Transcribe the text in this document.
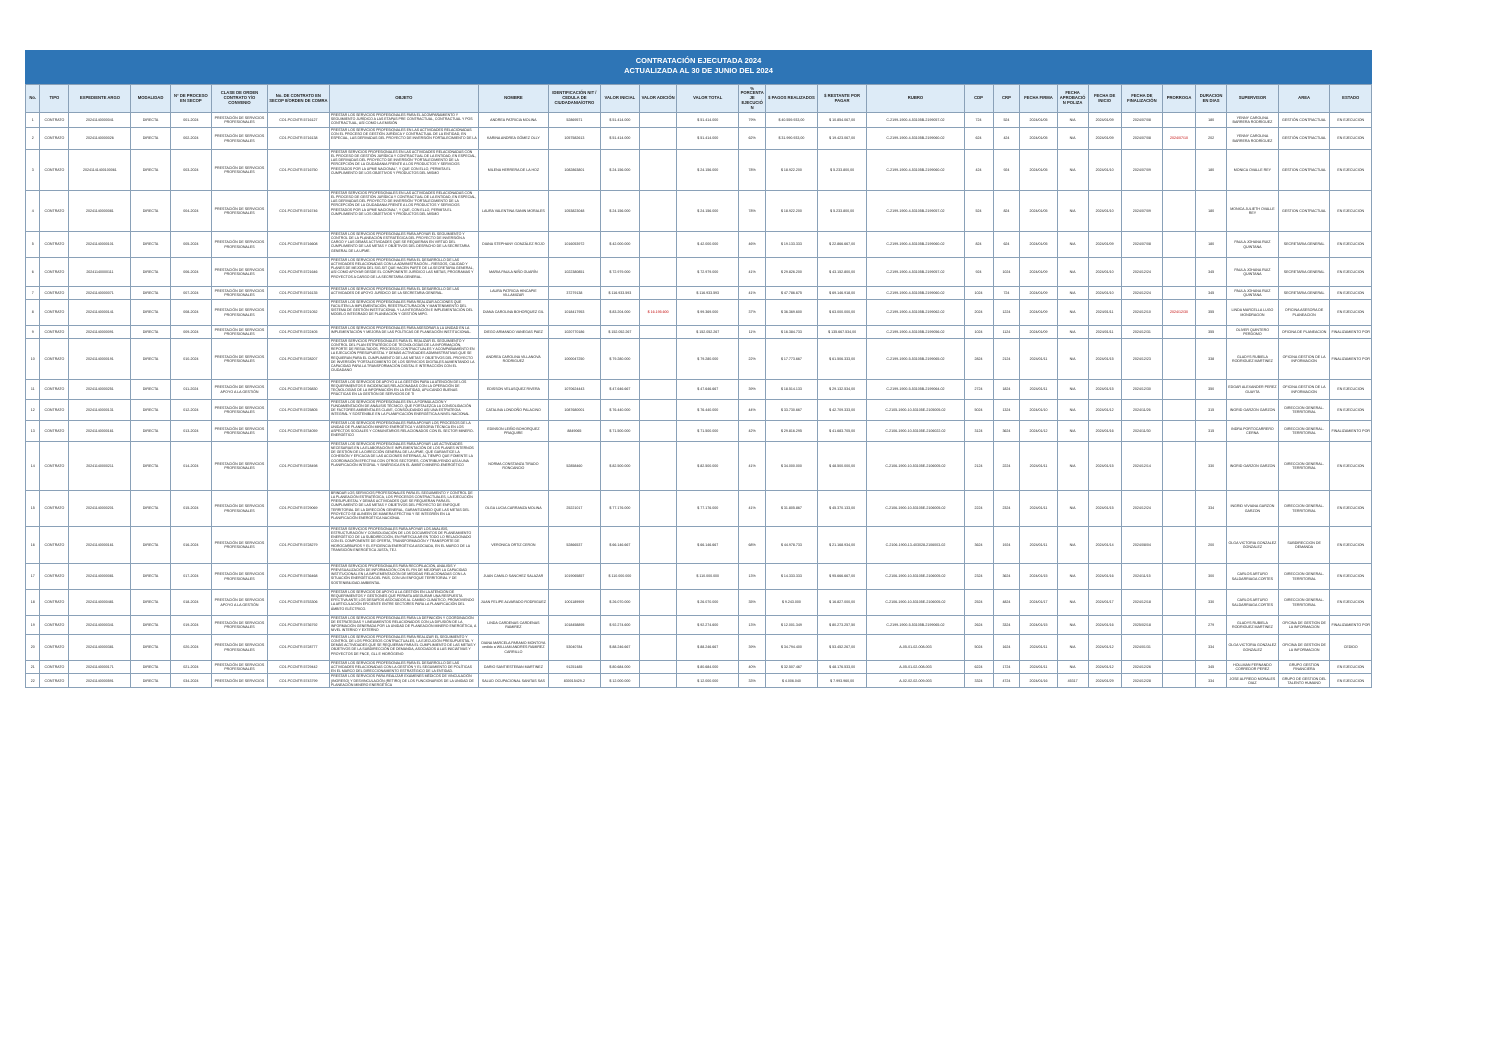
CONTRATACIÓN EJECUTADA 2024
ACTUALIZADA AL 30 DE JUNIO DEL 2024
No.	TIPO	EXPEDIENTE ARGO	MODALIDAD	N° DE PROCESO EN SECOP	CLASE DE ORDEN CONTRATO Y/O CONVENIO	No. DE CONTRATO EN SECOP II/ORDEN DE COMRA	OBJETO	NOMBRE	IDENTIFICACIÓN NIT / CEDULA DE CIUDADANIA/OTRO	VALOR INICIAL	VALOR ADICIÓN	VALOR TOTAL	% PORCENTAJE EJECUCIÓN	$ PAGOS REALIZADOS	$ RESTANTE POR PAGAR	RUBRO	CDP	CRP	FECHA FIRMA	FECHA APROBACIÓN POLIZA	FECHA DE INICIO	FECHA DE FINALIZACIÓN	PRORROGA	DURACION EN DIAS	SUPERVISOR	AREA	ESTADO
1	CONTRATO	20241140000041	DIRECTA	001-2024	PRESTACIÓN DE SERVICIOS PROFESIONALES	CO1.PCCNTR.5716127	PRESTAR LOS SERVICIOS PROFESIONALES PARA EL ACOMPAÑAMIENTO Y SEGUIMIENTO JURÍDICO A LAS ETAPAS PRE CONTRACTUAL, CONTRACTUAL Y POS CONTRACTUAL, ASÍ COMO LA EMISIÓN	ANDREA PATRICIA MOLINA	52869571	$ 51.414.000		$ 51.414.000	79%	$ 40.559.933,00	$ 10.854.067,00	C-2199-1900-4-53105B-2199057-02	724	524	2024/01/05	N/A	2024/01/09	2024/07/08		180	YENNY CAROLINA BARRERA RODRÍGUEZ	GESTIÓN CONTRACTUAL	EN EJECUCION
2	CONTRATO	20241140000026	DIRECTA	002-2024	PRESTACIÓN DE SERVICIOS PROFESIONALES	CO1.PCCNTR.5716138	PRESTAR LOS SERVICIOS PROFESIONALES EN LAS ACTIVIDADES RELACIONADAS CON EL PROCESO DE GESTIÓN JURÍDICA Y CONTRACTUAL DE LA ENTIDAD, EN ESPECIAL, LAS DERIVADAS DEL PROYECTO DE INVERSIÓN FORTALECIMIENTO DE LA	KARINA ANDREA GÓMEZ OLLY	1057582613	$ 51.414.000		$ 51.414.000	62%	$ 31.990.933,00	$ 19.423.067,00	C-2199-1900-4-53105B-2199060-02	624	424	2024/01/05	N/A	2024/01/09	2024/07/08	2024/07/10	202	YENNY CAROLINA BARRERA RODRÍGUEZ	GESTIÓN CONTRACTUAL	EN EJECUCION
3	CONTRATO	20241141400100061	DIRECTA	003-2024	PRESTACIÓN DE SERVICIOS PROFESIONALES	CO1.PCCNTR.5716750	PRESTAR SERVICIOS PROFESIONALES EN LAS ACTIVIDADES RELACIONADAS CON EL PROCESO DE GESTIÓN JURÍDICA Y CONTRACTUAL DE LA ENTIDAD, EN ESPECIAL, LAS DERIVADAS DEL PROYECTO DE INVERSIÓN "FORTALECIMIENTO DE LA PERCEPCIÓN DE LA CIUDADANIA FRENTE A LOS PRODUCTOS Y SERVICIOS PRESTADOS POR LA UPME NACIONAL", Y QUE CON ELLO, PERMITA EL CUMPLIMIENTO DE LOS OBJETIVOS Y PRODUCTOS DEL MISMO	MILENA HERRERA DE LA HOZ	1082863801	$ 24.156.000		$ 24.156.000	78%	$ 18.922.200	$ 5.233.800,00	C-2199-1900-4-53105B-2199060-02	424	924	2024/01/05	N/A	2024/01/10	2024/07/09		180	MONICA OVALLE REY	GESTION CONTRACTUAL	EN EJECUCION
4	CONTRATO	20241140000081	DIRECTA	004-2024	PRESTACIÓN DE SERVICIOS PROFESIONALES	CO1.PCCNTR.5716746	PRESTAR SERVICIOS PROFESIONALES EN LAS ACTIVIDADES RELACIONADAS CON EL PROCESO DE GESTIÓN JURÍDICA Y CONTRACTUAL DE LA ENTIDAD, EN ESPECIAL, LAS DERIVADAS DEL PROYECTO DE INVERSIÓN "FORTALECIMIENTO DE LA PERCEPCIÓN DE LA CIUDADANIA FRENTE A LOS PRODUCTOS Y SERVICIOS PRESTADOS POR LA UPME NACIONAL", Y QUE, CON ELLO, PERMITA EL CUMPLIMIENTO DE LOS OBJETIVOS Y PRODUCTOS DEL MISMO	LAURA VALENTINA SANIN MORALES	1053823048	$ 24.156.000		$ 24.156.000	78%	$ 18.922.200	$ 5.233.800,00	C-2199-1900-4-53105B-2199057-02	524	824	2024/01/05	N/A	2024/01/10	2024/07/09		180	MONICA JULIETH OVALLE REY	GESTION CONTRACTUAL	EN EJECUCION
5	CONTRATO	20241140000101	DIRECTA	005-2024	PRESTACIÓN DE SERVICIOS PROFESIONALES	CO1.PCCNTR.5716608	PRESTAR LOS SERVICIOS PROFESIONALES PARA APOYAR EL SEGUIMIENTO Y CONTROL DE LA PLANEACIÓN ESTRATÉGICA DEL PROYECTO DE INVERSIÓN A CARGO Y LAS DEMÁS ACTIVIDADES QUE SE REQUIERAN EN VIRTUD DEL CUMPLIMIENTO DE LAS METAS Y OBJETIVOS DEL DESPACHO DE LA SECRETARIA GENERAL DE LA UPME.	DIANA STEPHANY GONZÁLEZ ROJO	1016053972	$ 42.000.000		$ 42.000.000	46%	$ 19.133.333	$ 22.866.667,00	C-2199-1900-4-53105B-2199060-02	824	624	2024/01/05	N/A	2024/01/09	2024/07/08		180	PAULA JOHANA RUIZ QUINTANA	SECRETARIA GENERAL	EN EJECUCION
6	CONTRATO	20241140000111	DIRECTA	006-2024	PRESTACIÓN DE SERVICIOS PROFESIONALES	CO1.PCCNTR.5721646	PRESTAR LOS SERVICIOS PROFESIONALES PARA EL DESARROLLO DE LAS ACTIVIDADES RELACIONADAS CON LA ADMINISTRACIÓN – RIESGOS, CALIDAD Y PLANES DE MEJORA DEL SIG-SIT QUE HACEN PARTE DE LA SECRETARIA GENERAL, ASÍ COMO APOYAR DESDE EL COMPONENTE JURÍDICO LAS METAS, PROGRAMAS Y PROYECTOS A CARGO DE LA SECRETARIA GENERAL.	MARIA PAULA NIÑO GUARÍN	1022380851	$ 72.979.000		$ 72.979.000	41%	$ 29.826.200	$ 43.152.800,00	C-2199-1900-4-53105B-2199057-02	924	1024	2024/01/09	N/A	2024/01/10	2024/12/24		345	PAULA JOHANA RUIZ QUINTANA	SECRETARIA GENERAL	EN EJECUCION
7	CONTRATO	20241140000071	DIRECTA	007-2024	PRESTACIÓN DE SERVICIOS PROFESIONALES	CO1.PCCNTR.5716135	PRESTAR LOS SERVICIOS PROFESIONALES PARA EL DESARROLLO DE LAS ACTIVIDADES DE APOYO JURÍDICO DE LA SECRETARIA GENERAL.	LAURA PATRICIA HINCAPIE VILLAMIZAR	37279138	$ 116.933.593		$ 116.933.593	41%	$ 47.786.675	$ 69.146.918,00	C-2199-1900-4-53105B-2199060-02	1024	724	2024/01/09	N/A	2024/01/10	2024/12/24		345	PAULA JOHANA RUIZ QUINTANA	SECRETARIA GENERAL	EN EJECUCION
8	CONTRATO	20241140000141	DIRECTA	008-2024	PRESTACIÓN DE SERVICIOS PROFESIONALES	CO1.PCCNTR.5721052	PRESTAR LOS SERVICIOS PROFESIONALES PARA REALIZAR ACCIONES QUE FACILITEN LA IMPLEMENTACIÓN, REESTRUCTURACIÓN Y MANTENIMIENTO DEL SISTEMA DE GESTIÓN INSTITUCIONAL Y LA INTEGRACIÓN E IMPLEMENTACIÓN DEL MODELO INTEGRADO DE PLANEACIÓN Y GESTIÓN MIPG.	DIANA CAROLINA BOHORQUEZ GIL	1018417953	$ 83.204.000	$ 16.195.600	$ 99.369.000	37%	$ 36.369.600	$ 63.000.000,00	C-2199-1900-4-53105B-2199062-02	2024	1224	2024/01/09	N/A	2024/01/11	2024/12/10	2024/12/30	355	LINDA MARCELLA LUGO MONDRAGON	OFICINA ASESORA DE PLANEACION	EN EJECUCION
9	CONTRATO	20241140000091	DIRECTA	009-2024	PRESTACIÓN DE SERVICIOS PROFESIONALES	CO1.PCCNTR.5722405	PRESTAR LOS SERVICIOS PROFESIONALES PARA ASESORAR A LA UNIDAD EN LA IMPLEMENTACIÓN Y MEJORA DE LAS POLÍTICAS DE PLANEACIÓN INSTITUCIONAL.	DIEGO ARMANDO VANEGAS PAEZ	1020770186	$ 152.052.267		$ 152.052.267	11%	$ 16.384.733	$ 135.667.534,00	C-2199-1900-4-53105B-2199056-02	1024	1124	2024/01/09	N/A	2024/01/11	2024/12/31		355	OLIVER QUINTERO PERDOMO	OFICINA DE PLANEACION	FINALIZAMIENTO POR
10	CONTRATO	20241140000191	DIRECTA	010-2024	PRESTACIÓN DE SERVICIOS PROFESIONALES	CO1.PCCNTR.5728207	PRESTAR SERVICIOS PROFESIONALES PARA EL REALIZAR EL SEGUIMIENTO Y CONTROL DEL PLAN ESTRATÉGICO DE TECNOLOGÍAS DE LA INFORMACIÓN, REPORTE DE RESULTADOS, PROCESOS CONTRACTUALES Y ACOMPAÑAMIENTO EN LA EJECUCIÓN PRESUPUESTAL Y DEMÁS ACTIVIDADES ADMINISTRATIVAS QUE SE REQUIERAN PARA EL CUMPLIMIENTO DE LAS METAS Y OBJETIVOS DEL PROYECTO DE INVERSIÓN "FORTALECIMIENTO DE LOS SERVICIOS DIGITALES AUMENTANDO LA CAPACIDAD PARA LA TRANSFORMACIÓN DIGITAL E INTERACCIÓN CON EL CIUDADANO	ANDREA CAROLINA VILLANOVA RODRIGUEZ	1000047250	$ 79.280.000		$ 79.280.000	22%	$ 17.773.667	$ 61.506.333,00	C-2199-1900-5-53105B-2199065-02	2824	2124	2024/01/11	N/A	2024/01/15	2024/12/23		338	GLADYS RUBIELA RODRIGUEZ MARTINEZ	OFICINA GESTION DE LA INFORMACION	FINALIZAMIENTO POR
11	CONTRATO	20241140000251	DIRECTA	011-2024	PRESTACIÓN DE SERVICIOS APOYO A LA GESTIÓN	CO1.PCCNTR.5726830	PRESTAR LOS SERVICIOS DE APOYO A LA GESTIÓN PARA LA ATENCIÓN DE LOS REQUERIMIENTOS E INCIDENCIAS RELACIONADAS CON LA OPERACIÓN DE TECNOLOGÍAS DE LA INFORMACIÓN EN LA ENTIDAD, APLICANDO BUENAS PRÁCTICAS EN LA GESTIÓN DE SERVICIOS DE TI	EDISSON VELASQUEZ RIVERA	1070624443	$ 47.646.667		$ 47.646.667	39%	$ 18.514.133	$ 29.132.534,00	C-2199-1900-5-53105B-2199064-02	2724	1824	2024/01/11	N/A	2024/01/15	2024/12/30		350	EDGAR ALEXANDER PEREZ GUAYTA	OFICINA GESTION DE LA INFORMACION	EN EJECUCION
12	CONTRATO	20241140000131	DIRECTA	012-2024	PRESTACIÓN DE SERVICIOS PROFESIONALES	CO1.PCCNTR.5725805	PRESTAR LOS SERVICIOS PROFESIONALES EN LA FORMULACIÓN Y FUNDAMENTACIÓN DE ANÁLISIS TÉCNICO, QUE FORTALEZCA LA CONSOLIDACIÓN DE FACTORES AMBIENTALES CLAVE, CONSOLIDANDO ASÍ UNA ESTRATEGIA INTEGRAL Y SOSTENIBLE EN LA PLANIFICACIÓN ENERGÉTICA A NIVEL NACIONAL	CATALINA LONDOÑO PALACINO	1087680001	$ 76.440.000		$ 76.440.000	44%	$ 33.730.667	$ 42.709.333,00	C-2105-1900-10-53105E-2105005-02	5024	1324	2024/01/10	N/A	2024/01/12	2024/11/26		315	INGRID GARZON GARZON	DIRECCION GENERAL-TERRITORIAL	EN EJECUCION
13	CONTRATO	20241140000161	DIRECTA	013-2024	PRESTACIÓN DE SERVICIOS PROFESIONALES	CO1.PCCNTR.5734059	PRESTAR LOS SERVICIOS PROFESIONALES PARA APOYAR LOS PROCESOS DE LA UNIDAD DE PLANEACIÓN MINERO ENERGÉTICA Y ASESORIA TÉCNICA EN LOS ASPECTOS SOCIALES Y COMUNITARIOS RELACIONADOS CON EL SECTOR MINERO-ENERGÉTICO	EDINSON LEIÑO BOHORQUEZ PRAQUIRE	8849065	$ 71.500.000		$ 71.500.000	42%	$ 29.816.295	$ 41.683.705,00	C-2106-1900-10-53105E-2106022-02	3124	3624	2024/01/12	N/A	2024/01/16	2024/11/30		315	INDRA PORTOCARRERO CERNA	DIRECCION GENERAL-TERRITORIAL	FINALIZAMIENTO POR
14	CONTRATO	20241140000211	DIRECTA	014-2024	PRESTACIÓN DE SERVICIOS PROFESIONALES	CO1.PCCNTR.5728498	PRESTAR LOS SERVICIOS PROFESIONALES PARA APOYAR LAS ACTIVIDADES NECESARIAS EN LA ELABORACIÓN E IMPLEMENTACIÓN DE LOS PLANES INTERNOS DE GESTIÓN DE LA DIRECCIÓN GENERAL DE LA UPME, QUE GARANTICE LA COHESIÓN Y EFICACIA DE LAS ACCIONES INTERNAS, AL TIEMPO QUE FOMENTE LA COORDINACIÓN EFECTIVA CON OTROS SECTORES, CONTRIBUYENDO ASÍ A UNA PLANIFICACIÓN INTEGRAL Y SINÉRGICA EN EL ÁMBITO MINERO-ENERGÉTICO	NORMA CONSTANZA TIRADO RONCANCIO	52858460	$ 82.500.000		$ 82.500.000	41%	$ 34.000.000	$ 48.500.000,00	C-2106-1900-10-53105E-2106005-02	2124	2224	2024/01/11	N/A	2024/01/15	2024/12/14		330	INGRID GARZON GARZON	DIRECCION GENERAL-TERRITORIAL	EN EJECUCION
15	CONTRATO	20241140000201	DIRECTA	015-2024	PRESTACIÓN DE SERVICIOS PROFESIONALES	CO1.PCCNTR.5729069	BRINDAR LOS SERVICIOS PROFESIONALES PARA EL SEGUIMIENTO Y CONTROL DE LA PLANEACIÓN ESTRATÉGICA, LOS PROCESOS CONTRACTUALES, LA EJECUCIÓN PRESUPUESTAL Y DEMÁS ACTIVIDADES QUE SE REQUIERAN PARA EL CUMPLIMIENTO DE LAS METAS Y OBJETIVOS DEL PROYECTO DE ENFOQUE TERRITORIAL DE LA DIRECCIÓN GENERAL, GARANTIZANDO QUE LAS METAS DEL PROYECTO SE ALINEEN DE MANERA EFECTIVA Y SE INTEGREN EN LA PLANIFICACIÓN ENERGÉTICA NACIONAL	OLGA LUCIA CARRANZA MOLINA	25221017	$ 77.176.000		$ 77.176.000	41%	$ 31.805.867	$ 45.370.133,00	C-2106-1900-10-53105E-2106005-02	2224	2324	2024/01/11	N/A	2024/01/15	2024/12/24		334	INGRID VIVIANA GARZON GARZON	DIRECCION GENERAL-TERRITORIAL	EN EJECUCION
16	CONTRATO	20241140000161	DIRECTA	016-2024	PRESTACIÓN DE SERVICIOS PROFESIONALES	CO1.PCCNTR.5728279	PRESTAR SERVICIOS PROFESIONALES PARA APOYAR LOS ANÁLISIS, ESTRUCTURACIÓN Y CONSOLIDACIÓN DE LOS DOCUMENTOS DE PLANEAMIENTO ENERGÉTICO DE LA SUBDIRECCIÓN, EN PARTICULAR EN TODO LO RELACIONADO CON EL COMPONENTE DE OFERTA, TRANSFORMACIÓN Y TRANSPORTE DE HIDROCARBUROS Y EL EFICIENCIA ENERGÉTICA ASOCIADA, EN EL MARCO DE LA TRANSICIÓN ENERGÉTICA JUSTA, TEJ.	VERONICA ORTIZ CERON	52866537	$ 66.146.667		$ 66.146.667	68%	$ 44.978.733	$ 21.168.934,00	C-2106-1900-13-403028-2106003-02	3624	1924	2024/01/11	N/A	2024/01/14	2024/08/04		200	OLGA VICTORIA GONZALEZ GONZALEZ	SUBDIRECCION DE DEMANDA	EN EJECUCION
17	CONTRATO	20241140000081	DIRECTA	017-2024	PRESTACIÓN DE SERVICIOS PROFESIONALES	CO1.PCCNTR.5736468	PRESTAR SERVICIOS PROFESIONALES PARA RECOPILACIÓN, ANÁLISIS Y PREVISUALIZACIÓN DE INFORMACIÓN CON EL FIN DE MEJORAR LA CAPACIDAD INSTITUCIONAL EN LA IMPLEMENTACIÓN DE MEDIDAS RELACIONADAS CON LA SITUACIÓN ENERGÉTICA DEL PAÍS, CON UN ENFOQUE TERRITORIAL Y DE SOSTENIBILIDAD AMBIENTAL	JUAN CAMILO SANCHEZ SALAZAR	1019065857	$ 110.000.000		$ 110.000.000	13%	$ 14.333.333	$ 95.666.667,00	C-2106-1900-10-53105E-2106005-02	2324	3624	2024/01/15	N/A	2024/01/16	2024/11/15		300	CARLOS ARTURO SALDARRIAGA CORTES	DIRECCION GENERAL-TERRITORIAL	EN EJECUCION
18	CONTRATO	20241140000481	DIRECTA	018-2024	PRESTACIÓN DE SERVICIOS APOYO A LA GESTIÓN	CO1.PCCNTR.5753306	PRESTAR LOS SERVICIOS DE APOYO A LA GESTIÓN EN LA ATENCIÓN DE REQUERIMIENTOS Y GESTIONES QUE PERMITA ASEGURAR UNA RESPUESTA EFECTIVA ANTE LOS DESAFÍOS ASOCIADOS AL CAMBIO CLIMÁTICO, PROMOVIENDO LA ARTICULACIÓN EFICIENTE ENTRE SECTORES PARA LA PLANIFICACIÓN DEL ÁMBITO ELÉCTRICO.	JUAN FELIPE ALVARADO RODRIGUEZ	1001189909	$ 26.070.000		$ 26.070.000	35%	$ 9.243.000	$ 16.827.000,00	C-2106-1900-10-53105E-2106005-02	2524	4824	2024/01/17	N/A	2024/01/17	2024/12/18		330	CARLOS ARTURO SALDARRIAGA CORTES	DIRECCION GENERAL-TERRITORIAL	EN EJECUCION
19	CONTRATO	20241140000341	DIRECTA	019-2024	PRESTACIÓN DE SERVICIOS PROFESIONALES	CO1.PCCNTR.5736792	PRESTAR LOS SERVICIOS PROFESIONALES PARA LA DEFINICIÓN Y COORDINACIÓN DE ESTRATEGIAS Y LINEAMIENTOS RELACIONADOS CON LA DIFUSIÓN DE LA INFORMACIÓN GENERADA POR LA UNIDAD DE PLANEACIÓN MINERO ENERGÉTICA, A NIVEL INTERNO Y EXTERNO	LINDA CARDENAS CARDENAS RAMIREZ	1018458895	$ 92.274.600		$ 92.274.600	13%	$ 12.001.349	$ 80.273.257,50	C-2199-1900-5-53105B-2199065-02	2624	3324	2024/01/15	N/A	2024/01/16	2025/02/18		279	GLADYS RUBIELA RODRIGUEZ MARTINEZ	OFICINA DE GESTION DE LA INFORMACION	FINALIZAMIENTO POR
20	CONTRATO	20241140000381	DIRECTA	020-2024	PRESTACIÓN DE SERVICIOS PROFESIONALES	CO1.PCCNTR.5728777	PRESTAR LOS SERVICIOS PROFESIONALES PARA REALIZAR EL SEGUIMIENTO Y CONTROL DE LOS PROCESOS CONTRACTUALES, LA EJECUCIÓN PRESUPUESTAL Y DEMÁS ACTIVIDADES QUE SE REQUIERAN PARA EL CUMPLIMIENTO DE LAS METAS Y OBJETIVOS DE LA SUBDIRECCIÓN DE DEMANDA, ASOCIADOS A LAS INICIATIVAS Y PROYECTOS DE FNCE, GLL E HIDRÓGENO	DIANA MARCELA PARAMO MONTOYA cedido a WILLIAM ANDRES RAMIREZ CARRILLO	53040784	$ 88.246.667		$ 88.246.667	39%	$ 34.794.400	$ 53.452.267,00	A-05-01-02-008-003	5024	1624	2024/01/11	N/A	2024/01/12	2024/01/31		334	OLGA VICTORIA GONZALEZ GONZALEZ	OFICINA DE GESTION DE LA INFORMACION	CEDIDO
21	CONTRATO	20241140000171	DIRECTA	021-2024	PRESTACIÓN DE SERVICIOS PROFESIONALES	CO1.PCCNTR.5729442	PRESTAR LOS SERVICIOS PROFESIONALES PARA EL DESARROLLO DE LAS ACTIVIDADES RELACIONADAS CON LA GESTIÓN Y EL SEGUIMIENTO DE POLÍTICAS EN EL MARCO DEL DIRECCIONAMIENTO ESTRATÉGICO DE LA ENTIDAD.	DARIO SANTIESTEBAN MARTINEZ	91251485	$ 80.684.000		$ 80.684.000	40%	$ 32.507.467	$ 48.176.533,00	A-05-01-02-008-003	6224	1724	2024/01/11	N/A	2024/01/12	2024/12/26		345	HOLLMAN FERNANDO CORREDOR PEREZ	GRUPO GESTION FINANCIERA	EN EJECUCION
22	CONTRATO	20241140000591	DIRECTA	034-2024	PRESTACIÓN DE SERVICIOS	CO1.PCCNTR.5743799	PRESTAR LOS SERVICIOS PARA REALIZAR EXÁMENES MÉDICOS DE VINCULACIÓN (INGRESO) Y DESVINCULACIÓN (RETIRO) DE LOS FUNCIONARIOS DE LA UNIDAD DE PLANEACIÓN MINERO ENERGÉTICA	SALUD OCUPACIONAL SANITAS SAS	830015429-2	$ 12.000.000		$ 12.000.000	33%	$ 4.006.040	$ 7.993.960,00	A-02-02-02-009-003	3324	4724	2024/01/16	45317	2024/01/29	2024/12/28		334	JOSE ALFREDO MORALES DIAZ	GRUPO DE GESTION DEL TALENTO HUMANO	EN EJECUCION
